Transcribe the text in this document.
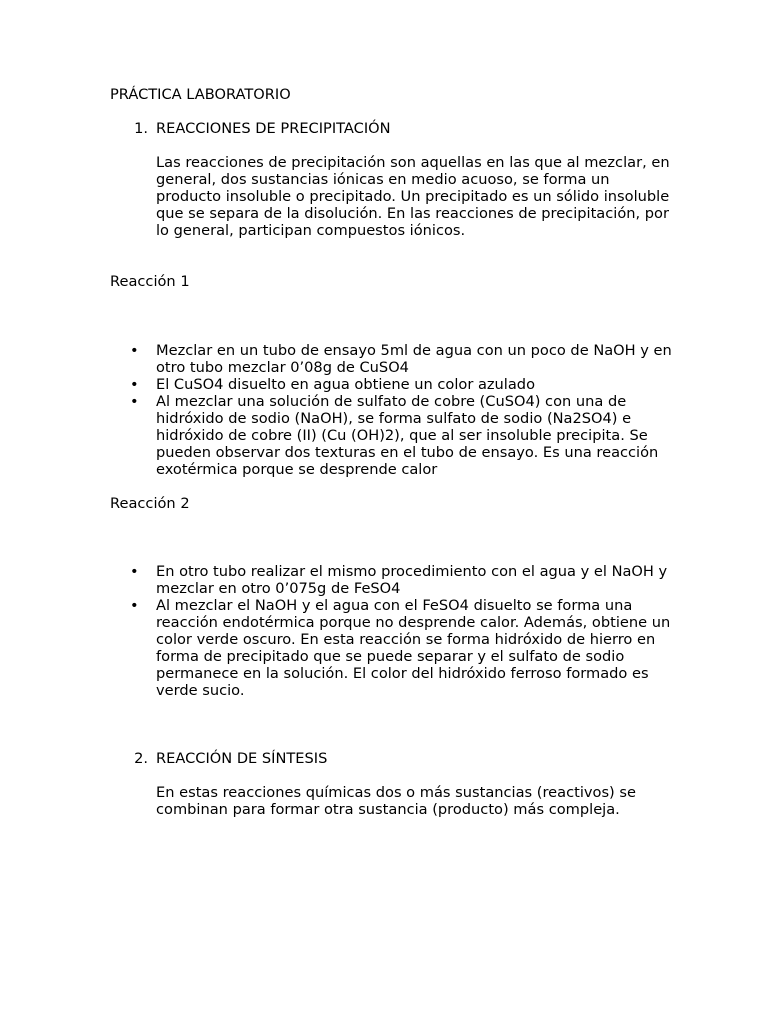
PRÁCTICA LABORATORIO
1. REACCIONES DE PRECIPITACIÓN

Las reacciones de precipitación son aquellas en las que al mezclar, en general, dos sustancias iónicas en medio acuoso, se forma un producto insoluble o precipitado. Un precipitado es un sólido insoluble que se separa de la disolución. En las reacciones de precipitación, por lo general, participan compuestos iónicos.

Reacción 1
• Mezclar en un tubo de ensayo 5ml de agua con un poco de NaOH y en otro tubo mezclar 0’08g de CuSO4
• El CuSO4 disuelto en agua obtiene un color azulado
• Al mezclar una solución de sulfato de cobre (CuSO4) con una de hidróxido de sodio (NaOH), se forma sulfato de sodio (Na2SO4) e hidróxido de cobre (II) (Cu (OH)2), que al ser insoluble precipita. Se pueden observar dos texturas en el tubo de ensayo. Es una reacción exotérmica porque se desprende calor
Reacción 2
• En otro tubo realizar el mismo procedimiento con el agua y el NaOH y mezclar en otro 0’075g de FeSO4
• Al mezclar el NaOH y el agua con el FeSO4 disuelto se forma una reacción endotérmica porque no desprende calor. Además, obtiene un color verde oscuro. En esta reacción se forma hidróxido de hierro en forma de precipitado que se puede separar y el sulfato de sodio permanece en la solución. El color del hidróxido ferroso formado es verde sucio.
2. REACCIÓN DE SÍNTESIS

En estas reacciones químicas dos o más sustancias (reactivos) se combinan para formar otra sustancia (producto) más compleja.
